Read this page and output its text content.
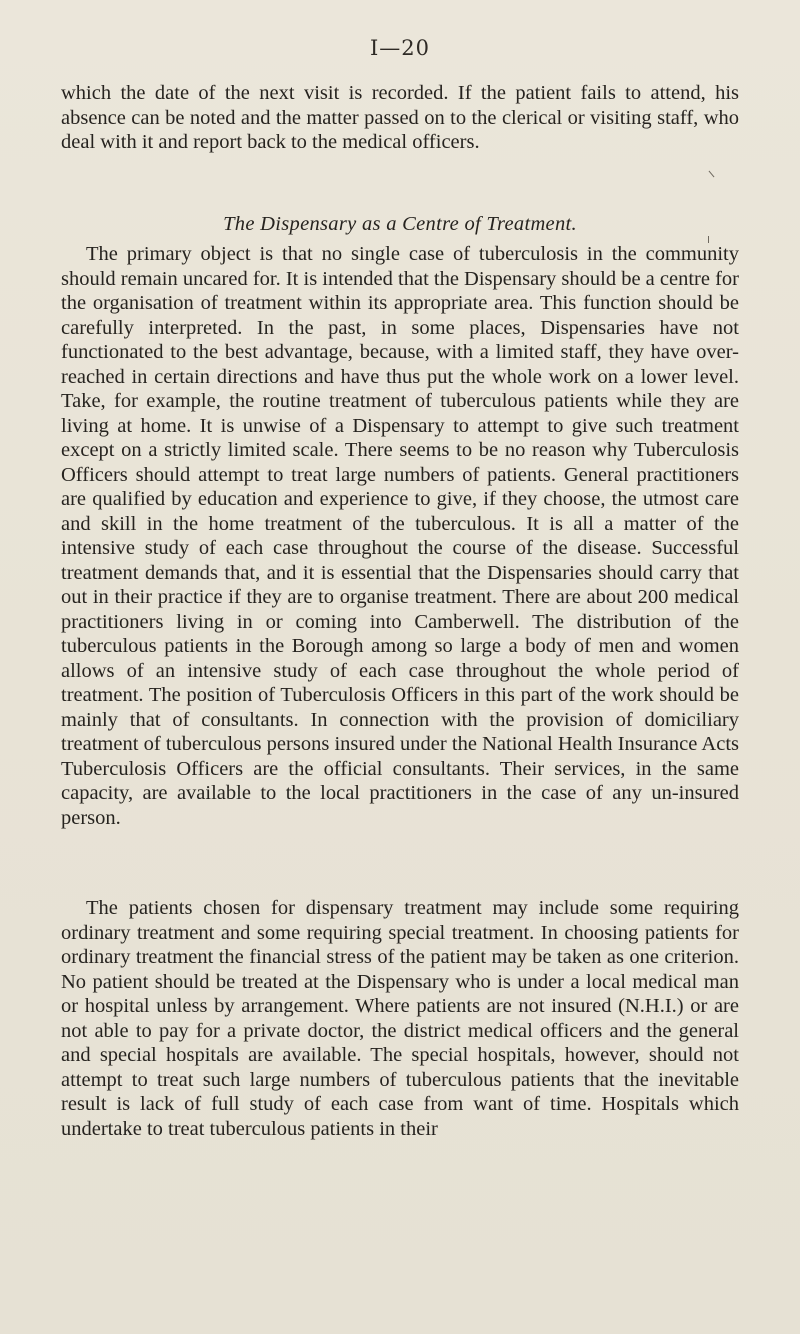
I—20
which the date of the next visit is recorded. If the patient fails to attend, his absence can be noted and the matter passed on to the clerical or visiting staff, who deal with it and report back to the medical officers.
The Dispensary as a Centre of Treatment.
The primary object is that no single case of tuberculosis in the community should remain uncared for. It is intended that the Dispensary should be a centre for the organisation of treatment within its appropriate area. This function should be carefully interpreted. In the past, in some places, Dispensaries have not functionated to the best advantage, because, with a limited staff, they have over-reached in certain directions and have thus put the whole work on a lower level. Take, for example, the routine treatment of tuberculous patients while they are living at home. It is unwise of a Dispensary to attempt to give such treatment except on a strictly limited scale. There seems to be no reason why Tuberculosis Officers should attempt to treat large numbers of patients. General practitioners are qualified by education and experience to give, if they choose, the utmost care and skill in the home treatment of the tuberculous. It is all a matter of the intensive study of each case throughout the course of the disease. Successful treatment demands that, and it is essential that the Dispensaries should carry that out in their practice if they are to organise treatment. There are about 200 medical practitioners living in or coming into Camberwell. The distribution of the tuberculous patients in the Borough among so large a body of men and women allows of an intensive study of each case throughout the whole period of treatment. The position of Tuberculosis Officers in this part of the work should be mainly that of consultants. In connection with the provision of domiciliary treatment of tuberculous persons insured under the National Health Insurance Acts Tuberculosis Officers are the official consultants. Their services, in the same capacity, are available to the local practitioners in the case of any un-insured person.
The patients chosen for dispensary treatment may include some requiring ordinary treatment and some requiring special treatment. In choosing patients for ordinary treatment the financial stress of the patient may be taken as one criterion. No patient should be treated at the Dispensary who is under a local medical man or hospital unless by arrangement. Where patients are not insured (N.H.I.) or are not able to pay for a private doctor, the district medical officers and the general and special hospitals are available. The special hospitals, however, should not attempt to treat such large numbers of tuberculous patients that the inevitable result is lack of full study of each case from want of time. Hospitals which undertake to treat tuberculous patients in their
